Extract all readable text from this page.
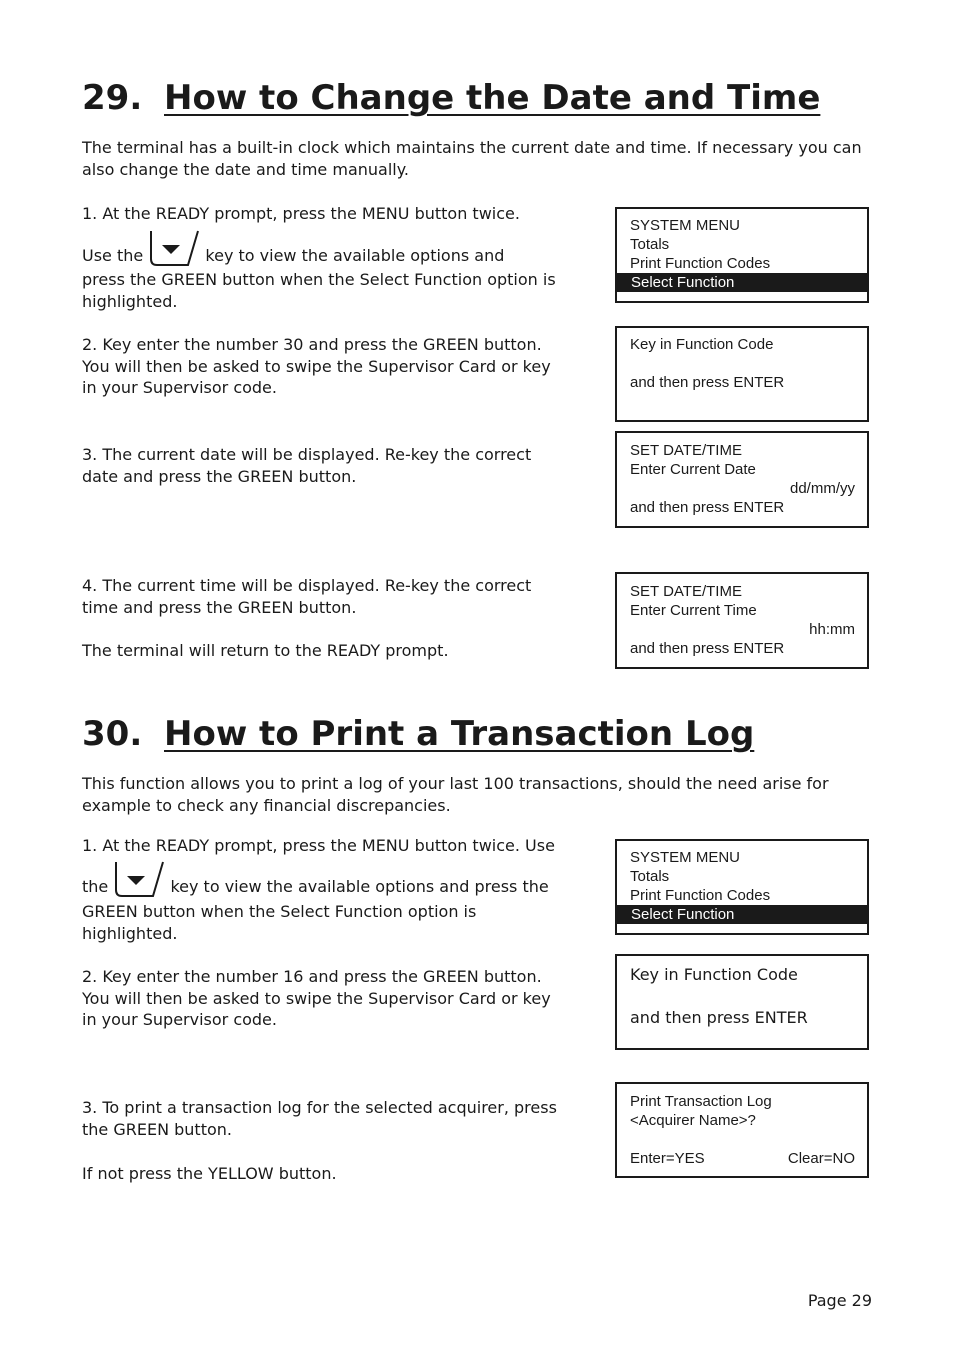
29. How to Change the Date and Time
The terminal has a built-in clock which maintains the current date and time. If necessary you can
also change the date and time manually.
1. At the READY prompt, press the MENU button twice.
Use the	key to view the available options and
press the GREEN button when the Select Function option is
highlighted.
2. Key enter the number 30 and press the GREEN button.
You will then be asked to swipe the Supervisor Card or key
in your Supervisor code.
3. The current date will be displayed. Re-key the correct
date and press the GREEN button.
4. The current time will be displayed. Re-key the correct
time and press the GREEN button.
The terminal will return to the READY prompt.
SYSTEM MENU
Totals
Print Function Codes
Select Function
Key in Function Code
and then press ENTER
SET DATE/TIME
Enter Current Date
dd/mm/yy
and then press ENTER
SET DATE/TIME
Enter Current Time
hh:mm
and then press ENTER
30. How to Print a Transaction Log
This function allows you to print a log of your last 100 transactions, should the need arise for
example to check any financial discrepancies.
1. At the READY prompt, press the MENU button twice. Use
the	key to view the available options and press the
GREEN button when the Select Function option is
highlighted.
2. Key enter the number 16 and press the GREEN button.
You will then be asked to swipe the Supervisor Card or key
in your Supervisor code.
3. To print a transaction log for the selected acquirer, press
the GREEN button.
If not press the YELLOW button.
SYSTEM MENU
Totals
Print Function Codes
Select Function
Key in Function Code
and then press ENTER
Print Transaction Log
<Acquirer Name>?
Enter=YES	Clear=NO
Page 29
